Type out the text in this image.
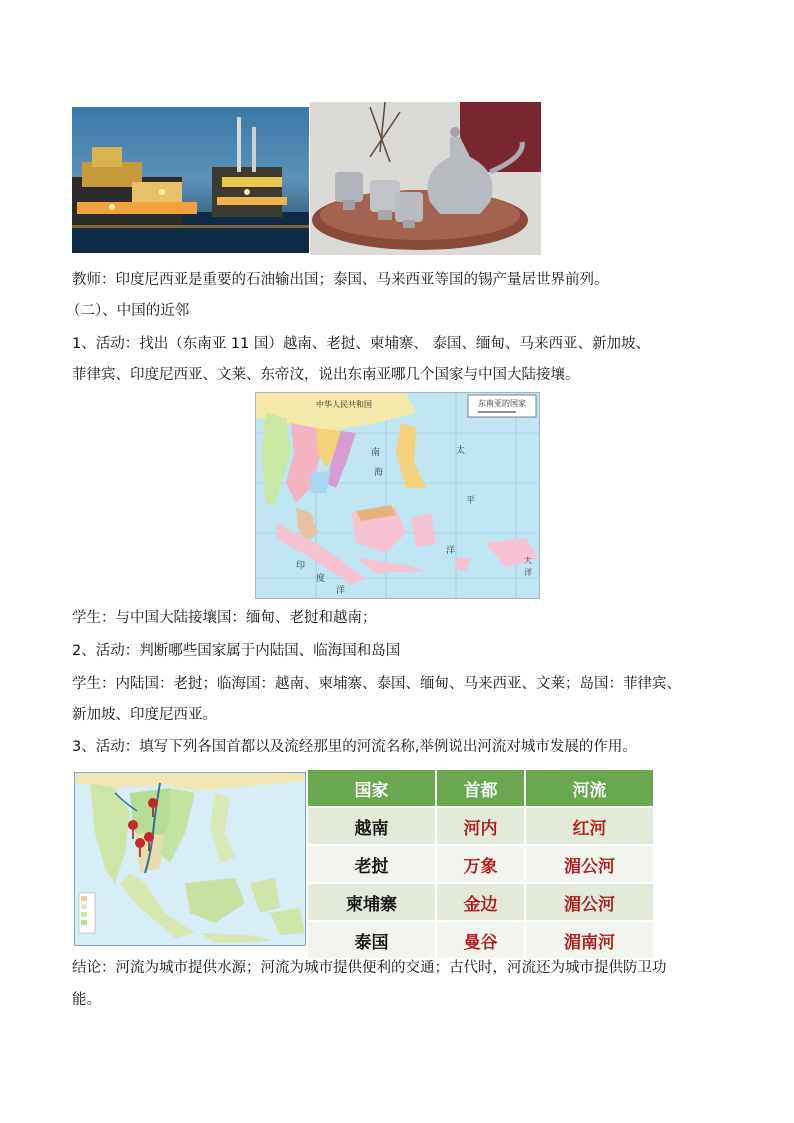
教师：印度尼西亚是重要的石油输出国；泰国、马来西亚等国的锡产量居世界前列。
（二）、中国的近邻
1、活动：找出（东南亚 11 国）越南、老挝、柬埔寨、 泰国、缅甸、马来西亚、新加坡、
菲律宾、印度尼西亚、文莱、东帝汶，说出东南亚哪几个国家与中国大陆接壤。
东南亚的国家
中华人民共和国
太
平
洋
南
海
印
度
洋
大
洋
学生：与中国大陆接壤国：缅甸、老挝和越南；
2、活动：判断哪些国家属于内陆国、临海国和岛国
学生：内陆国：老挝；临海国：越南、柬埔寨、泰国、缅甸、马来西亚、文莱；岛国：菲律宾、
新加坡、印度尼西亚。
3、活动：填写下列各国首都以及流经那里的河流名称,举例说出河流对城市发展的作用。
国家	首都	河流
越南	河内	红河
老挝	万象	湄公河
柬埔寨	金边	湄公河
泰国	曼谷	湄南河
结论：河流为城市提供水源；河流为城市提供便利的交通；古代时，河流还为城市提供防卫功
能。
